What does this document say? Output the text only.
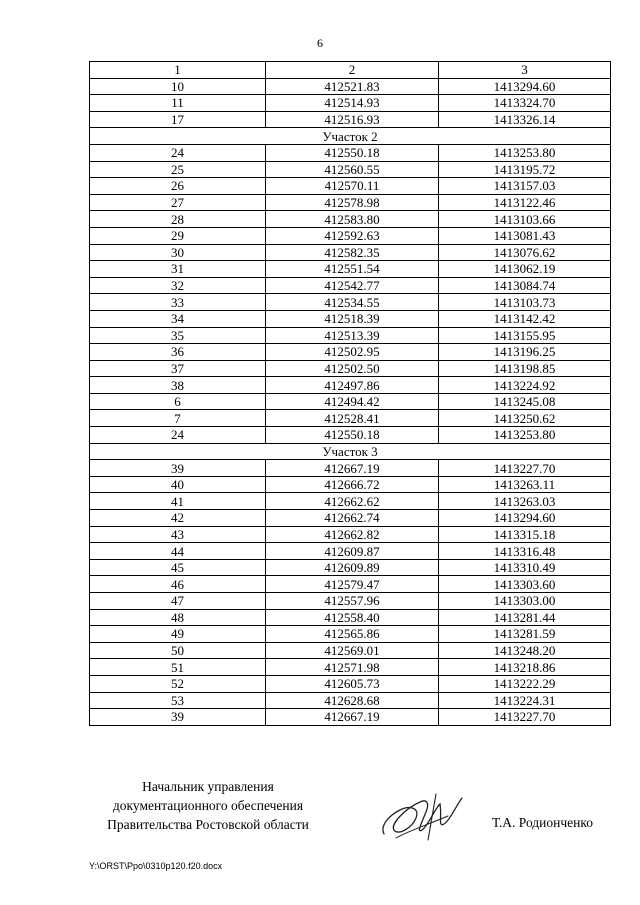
6
1	2	3
10	412521.83	1413294.60
11	412514.93	1413324.70
17	412516.93	1413326.14
Участок 2		
24	412550.18	1413253.80
25	412560.55	1413195.72
26	412570.11	1413157.03
27	412578.98	1413122.46
28	412583.80	1413103.66
29	412592.63	1413081.43
30	412582.35	1413076.62
31	412551.54	1413062.19
32	412542.77	1413084.74
33	412534.55	1413103.73
34	412518.39	1413142.42
35	412513.39	1413155.95
36	412502.95	1413196.25
37	412502.50	1413198.85
38	412497.86	1413224.92
6	412494.42	1413245.08
7	412528.41	1413250.62
24	412550.18	1413253.80
Участок 3		
39	412667.19	1413227.70
40	412666.72	1413263.11
41	412662.62	1413263.03
42	412662.74	1413294.60
43	412662.82	1413315.18
44	412609.87	1413316.48
45	412609.89	1413310.49
46	412579.47	1413303.60
47	412557.96	1413303.00
48	412558.40	1413281.44
49	412565.86	1413281.59
50	412569.01	1413248.20
51	412571.98	1413218.86
52	412605.73	1413222.29
53	412628.68	1413224.31
39	412667.19	1413227.70
Начальник управления
документационного обеспечения
Правительства Ростовской области	Т.А. Родионченко
Y:\ORST\Ppo\0310p120.f20.docx
